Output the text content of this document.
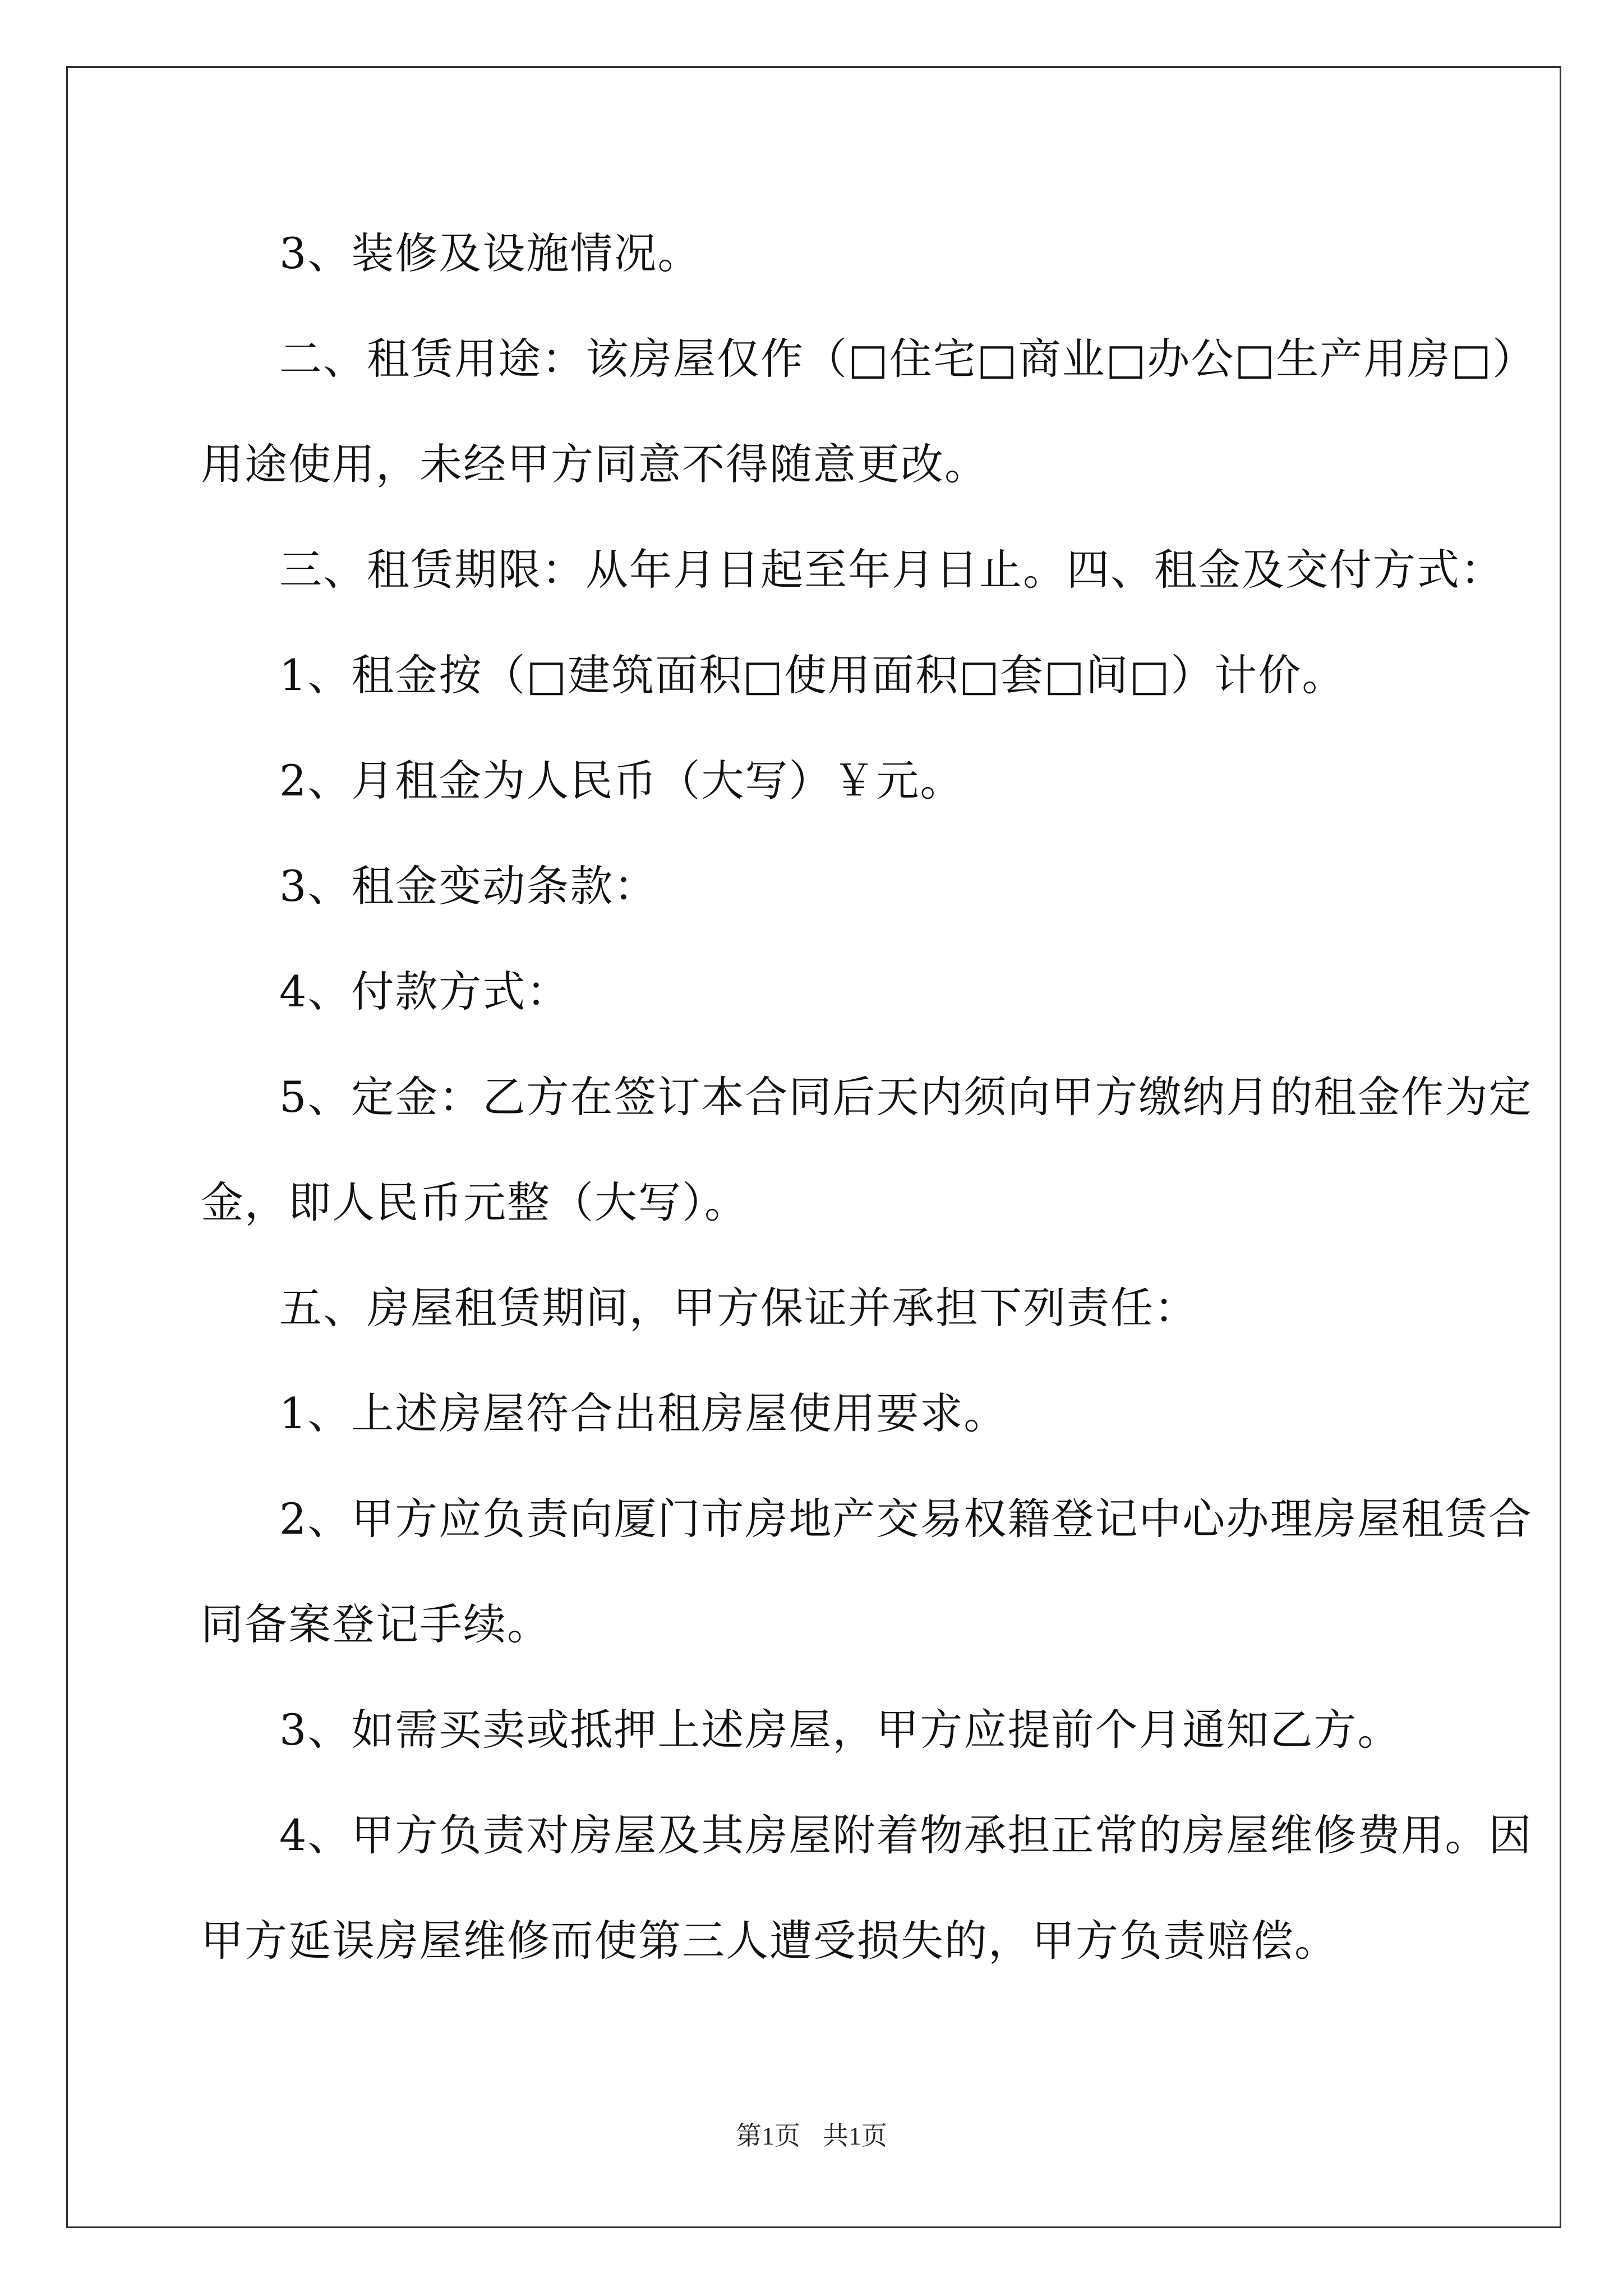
3、装修及设施情况。
二、租赁用途：该房屋仅作（□住宅□商业□办公□生产用房□）
用途使用，未经甲方同意不得随意更改。
三、租赁期限：从年月日起至年月日止。四、租金及交付方式：
1、租金按（□建筑面积□使用面积□套□间□）计价。
2、月租金为人民币（大写）￥元。
3、租金变动条款：
4、付款方式：
5、定金：乙方在签订本合同后天内须向甲方缴纳月的租金作为定
金，即人民币元整（大写）。
五、房屋租赁期间，甲方保证并承担下列责任：
1、上述房屋符合出租房屋使用要求。
2、甲方应负责向厦门市房地产交易权籍登记中心办理房屋租赁合
同备案登记手续。
3、如需买卖或抵押上述房屋，甲方应提前个月通知乙方。
4、甲方负责对房屋及其房屋附着物承担正常的房屋维修费用。因
甲方延误房屋维修而使第三人遭受损失的，甲方负责赔偿。
第1页 共1页
